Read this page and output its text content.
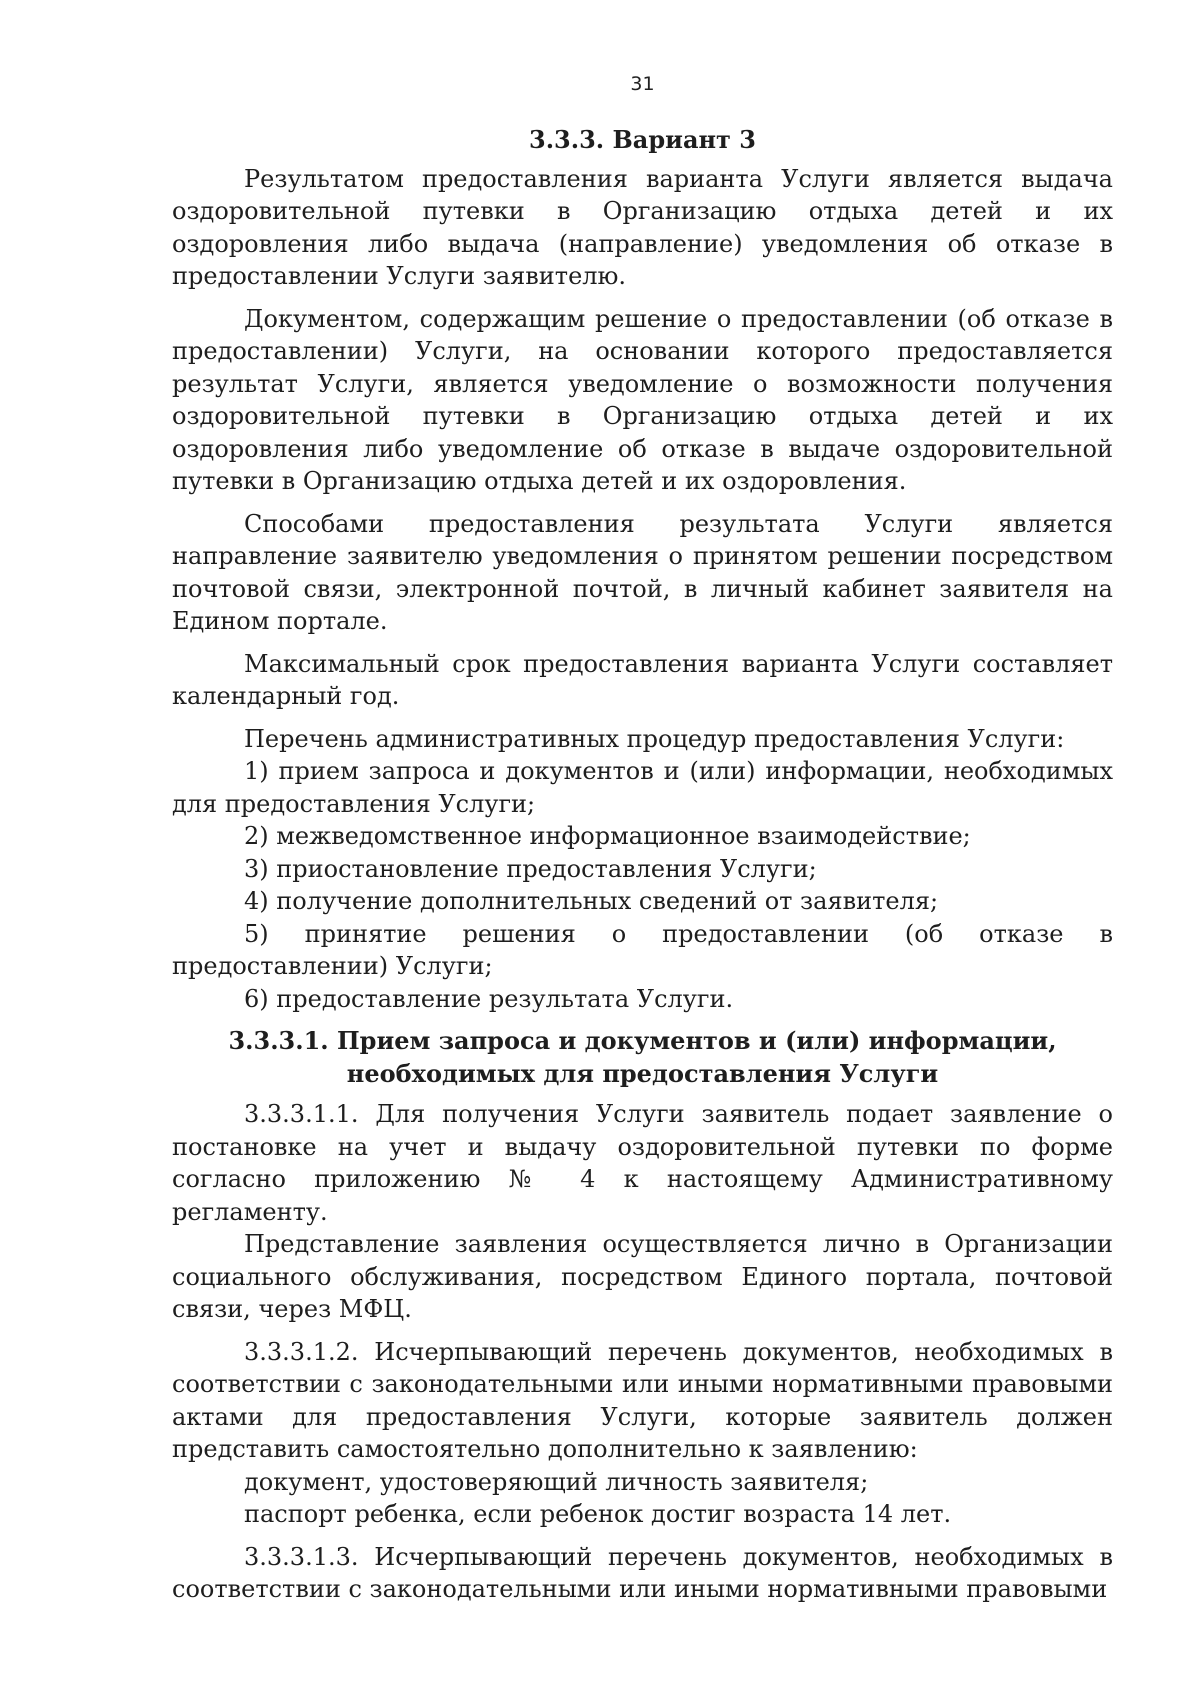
31
3.3.3. Вариант 3

Результатом предоставления варианта Услуги является выдача оздоровительной путевки в Организацию отдыха детей и их оздоровления либо выдача (направление) уведомления об отказе в предоставлении Услуги заявителю.

Документом, содержащим решение о предоставлении (об отказе в предоставлении) Услуги, на основании которого предоставляется результат Услуги, является уведомление о возможности получения оздоровительной путевки в Организацию отдыха детей и их оздоровления либо уведомление об отказе в выдаче оздоровительной путевки в Организацию отдыха детей и их оздоровления.

Способами предоставления результата Услуги является направление заявителю уведомления о принятом решении посредством почтовой связи, электронной почтой, в личный кабинет заявителя на Едином портале.

Максимальный срок предоставления варианта Услуги составляет календарный год.

Перечень административных процедур предоставления Услуги:

1) прием запроса и документов и (или) информации, необходимых для предоставления Услуги;

2) межведомственное информационное взаимодействие;

3) приостановление предоставления Услуги;

4) получение дополнительных сведений от заявителя;

5) принятие решения о предоставлении (об отказе в предоставлении) Услуги;

6) предоставление результата Услуги.

3.3.3.1. Прием запроса и документов и (или) информации, необходимых для предоставления Услуги

3.3.3.1.1. Для получения Услуги заявитель подает заявление о постановке на учет и выдачу оздоровительной путевки по форме согласно приложению № 4 к настоящему Административному регламенту.

Представление заявления осуществляется лично в Организации социального обслуживания, посредством Единого портала, почтовой связи, через МФЦ.

3.3.3.1.2. Исчерпывающий перечень документов, необходимых в соответствии с законодательными или иными нормативными правовыми актами для предоставления Услуги, которые заявитель должен представить самостоятельно дополнительно к заявлению:

документ, удостоверяющий личность заявителя;

паспорт ребенка, если ребенок достиг возраста 14 лет.

3.3.3.1.3. Исчерпывающий перечень документов, необходимых в соответствии с законодательными или иными нормативными правовыми
